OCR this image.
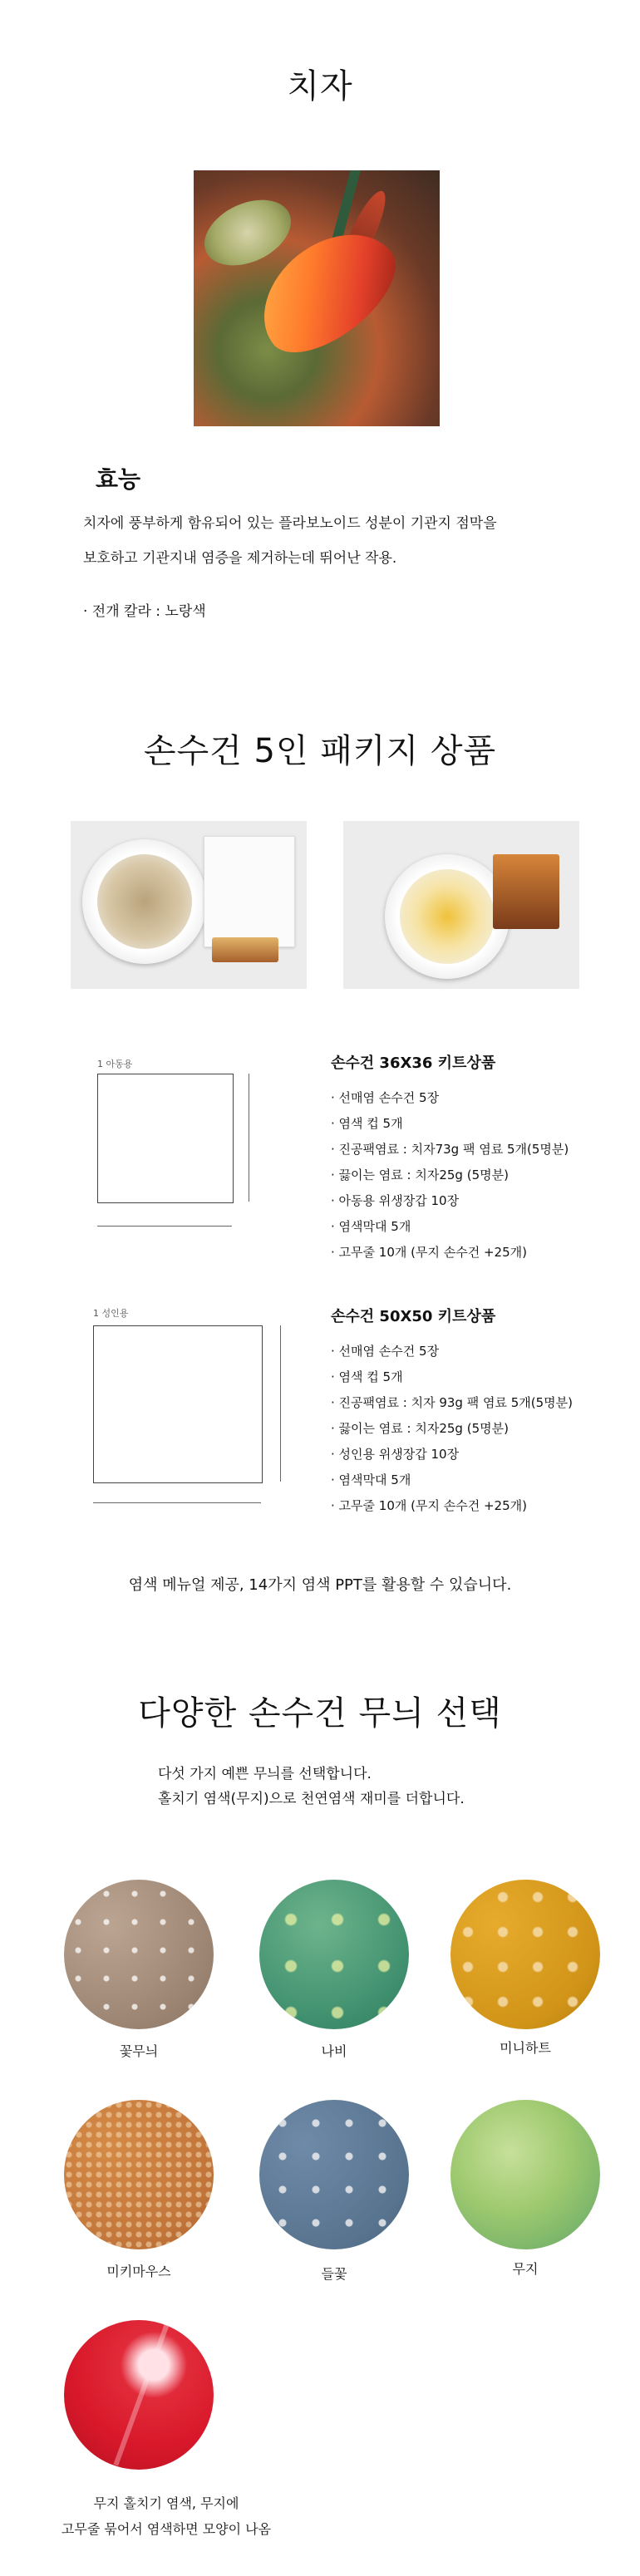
치자
효능
치자에 풍부하게 함유되어 있는 플라보노이드 성분이 기관지 점막을
보호하고 기관지내 염증을 제거하는데 뛰어난 작용.
· 전개 칼라 : 노랑색
손수건 5인 패키지 상품
1 아동용	손수건 36X36 키트상품
· 선매염 손수건 5장
· 염색 컵 5개
· 진공팩염료 : 치자73g 팩 염료 5개(5명분)
· 끓이는 염료 : 치자25g (5명분)
· 아동용 위생장갑 10장
· 염색막대 5개
· 고무줄 10개 (무지 손수건 +25개)
1 성인용	손수건 50X50 키트상품
· 선매염 손수건 5장
· 염색 컵 5개
· 진공팩염료 : 치자 93g 팩 염료 5개(5명분)
· 끓이는 염료 : 치자25g (5명분)
· 성인용 위생장갑 10장
· 염색막대 5개
· 고무줄 10개 (무지 손수건 +25개)
염색 메뉴얼 제공, 14가지 염색 PPT를 활용할 수 있습니다.
다양한 손수건 무늬 선택
다섯 가지 예쁜 무늬를 선택합니다.
홀치기 염색(무지)으로 천연염색 재미를 더합니다.
꽃무늬	나비	미니하트
미키마우스	들꽃	무지
무지 홀치기 염색, 무지에
고무줄 묶어서 염색하면 모양이 나옴
